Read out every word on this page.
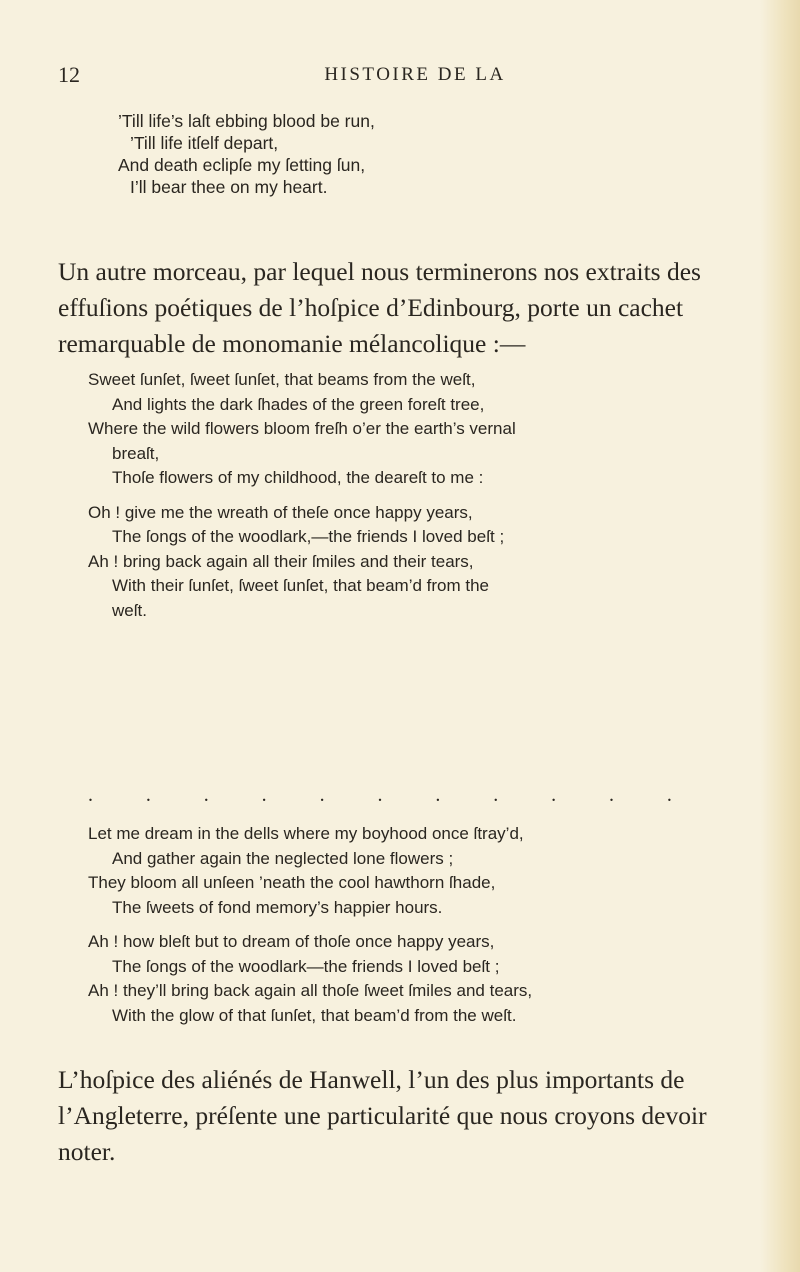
12	HISTOIRE DE LA
’Till life’s laſt ebbing blood be run,
’Till life itſelf depart,
And death eclipſe my ſetting ſun,
I’ll bear thee on my heart.

Un autre morceau, par lequel nous terminerons nos extraits des effuſions poétiques de l’hoſpice d’Edinbourg, porte un cachet remarquable de monomanie mélancolique :—

Sweet ſunſet, ſweet ſunſet, that beams from the weſt,
And lights the dark ſhades of the green foreſt tree,
Where the wild flowers bloom freſh o’er the earth’s vernal
breaſt,
Thoſe flowers of my childhood, the deareſt to me :
Oh ! give me the wreath of theſe once happy years,
The ſongs of the woodlark,—the friends I loved beſt ;
Ah ! bring back again all their ſmiles and their tears,
With their ſunſet, ſweet ſunſet, that beam’d from the
weſt.
.	.	.	.	.	.	.	.	.	.	.
Let me dream in the dells where my boyhood once ſtray’d,
And gather again the neglected lone flowers ;
They bloom all unſeen ’neath the cool hawthorn ſhade,
The ſweets of fond memory’s happier hours.
Ah ! how bleſt but to dream of thoſe once happy years,
The ſongs of the woodlark—the friends I loved beſt ;
Ah ! they’ll bring back again all thoſe ſweet ſmiles and tears,
With the glow of that ſunſet, that beam’d from the weſt.

L’hoſpice des aliénés de Hanwell, l’un des plus importants de l’Angleterre, préſente une particularité que nous croyons devoir noter.
